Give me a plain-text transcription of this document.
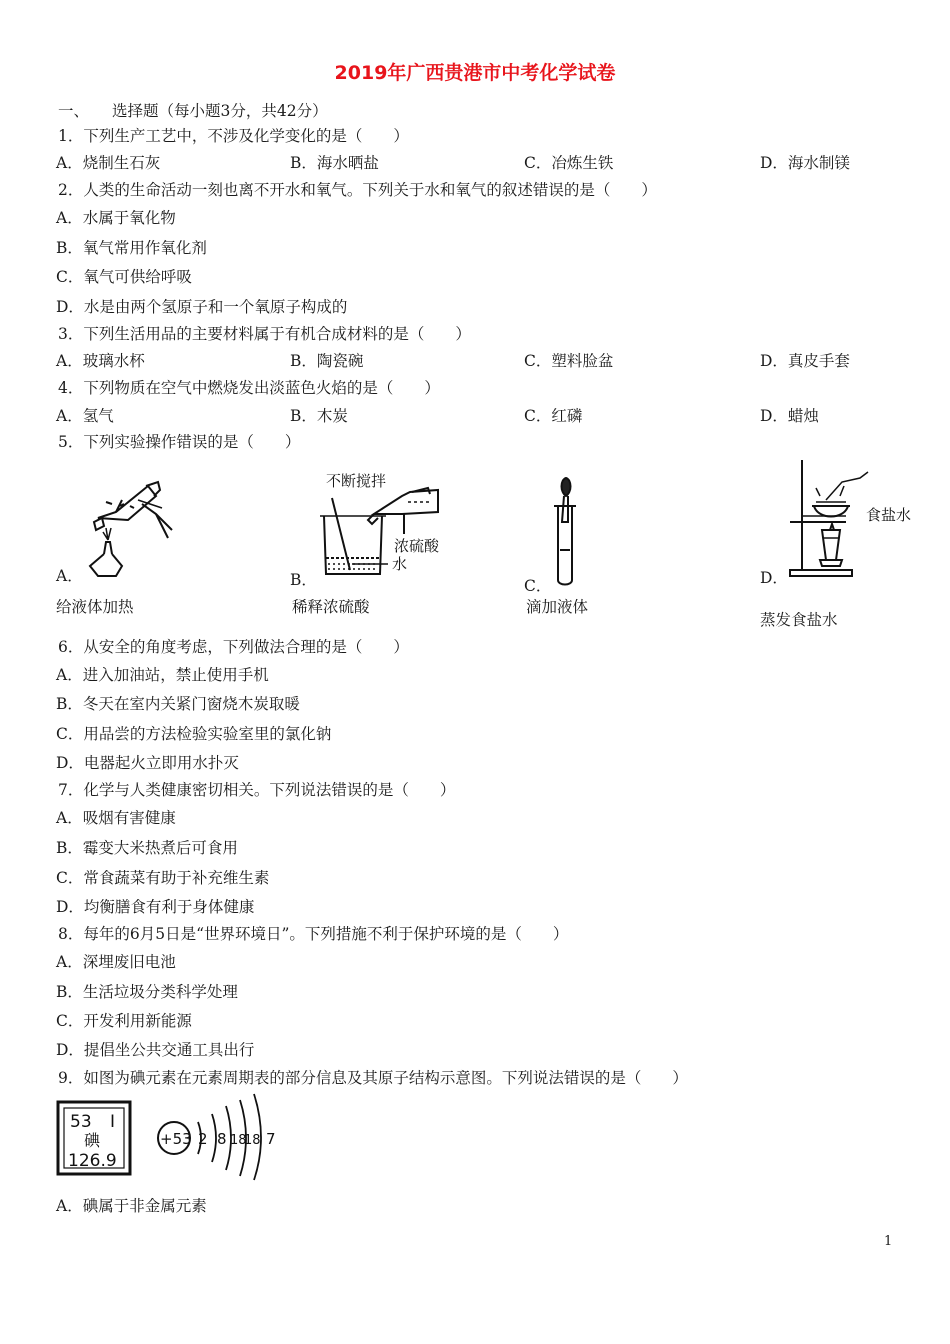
2019年广西贵港市中考化学试卷
一、 选择题（每小题3分，共42分）
1．下列生产工艺中，不涉及化学变化的是（　　）
A．烧制生石灰	B．海水晒盐	C．冶炼生铁	D．海水制镁
2．人类的生命活动一刻也离不开水和氧气。下列关于水和氧气的叙述错误的是（　　）
A．水属于氧化物
B．氧气常用作氧化剂
C．氧气可供给呼吸
D．水是由两个氢原子和一个氧原子构成的
3．下列生活用品的主要材料属于有机合成材料的是（　　）
A．玻璃水杯	B．陶瓷碗	C．塑料脸盆	D．真皮手套
4．下列物质在空气中燃烧发出淡蓝色火焰的是（　　）
A．氢气	B．木炭	C．红磷	D．蜡烛
5．下列实验操作错误的是（　　）
A．	B．	C．	D．
不断搅拌
浓硫酸
水
食盐水
给液体加热	稀释浓硫酸	滴加液体
蒸发食盐水
6．从安全的角度考虑，下列做法合理的是（　　）
A．进入加油站，禁止使用手机
B．冬天在室内关紧门窗烧木炭取暖
C．用品尝的方法检验实验室里的氯化钠
D．电器起火立即用水扑灭
7．化学与人类健康密切相关。下列说法错误的是（　　）
A．吸烟有害健康
B．霉变大米热煮后可食用
C．常食蔬菜有助于补充维生素
D．均衡膳食有利于身体健康
8．每年的6月5日是“世界环境日”。下列措施不利于保护环境的是（　　）
A．深埋废旧电池
B．生活垃圾分类科学处理
C．开发利用新能源
D．提倡坐公共交通工具出行
9．如图为碘元素在元素周期表的部分信息及其原子结构示意图。下列说法错误的是（　　）
53 I
碘
126.9
+53 2 8 18
18 7
A．碘属于非金属元素
1
